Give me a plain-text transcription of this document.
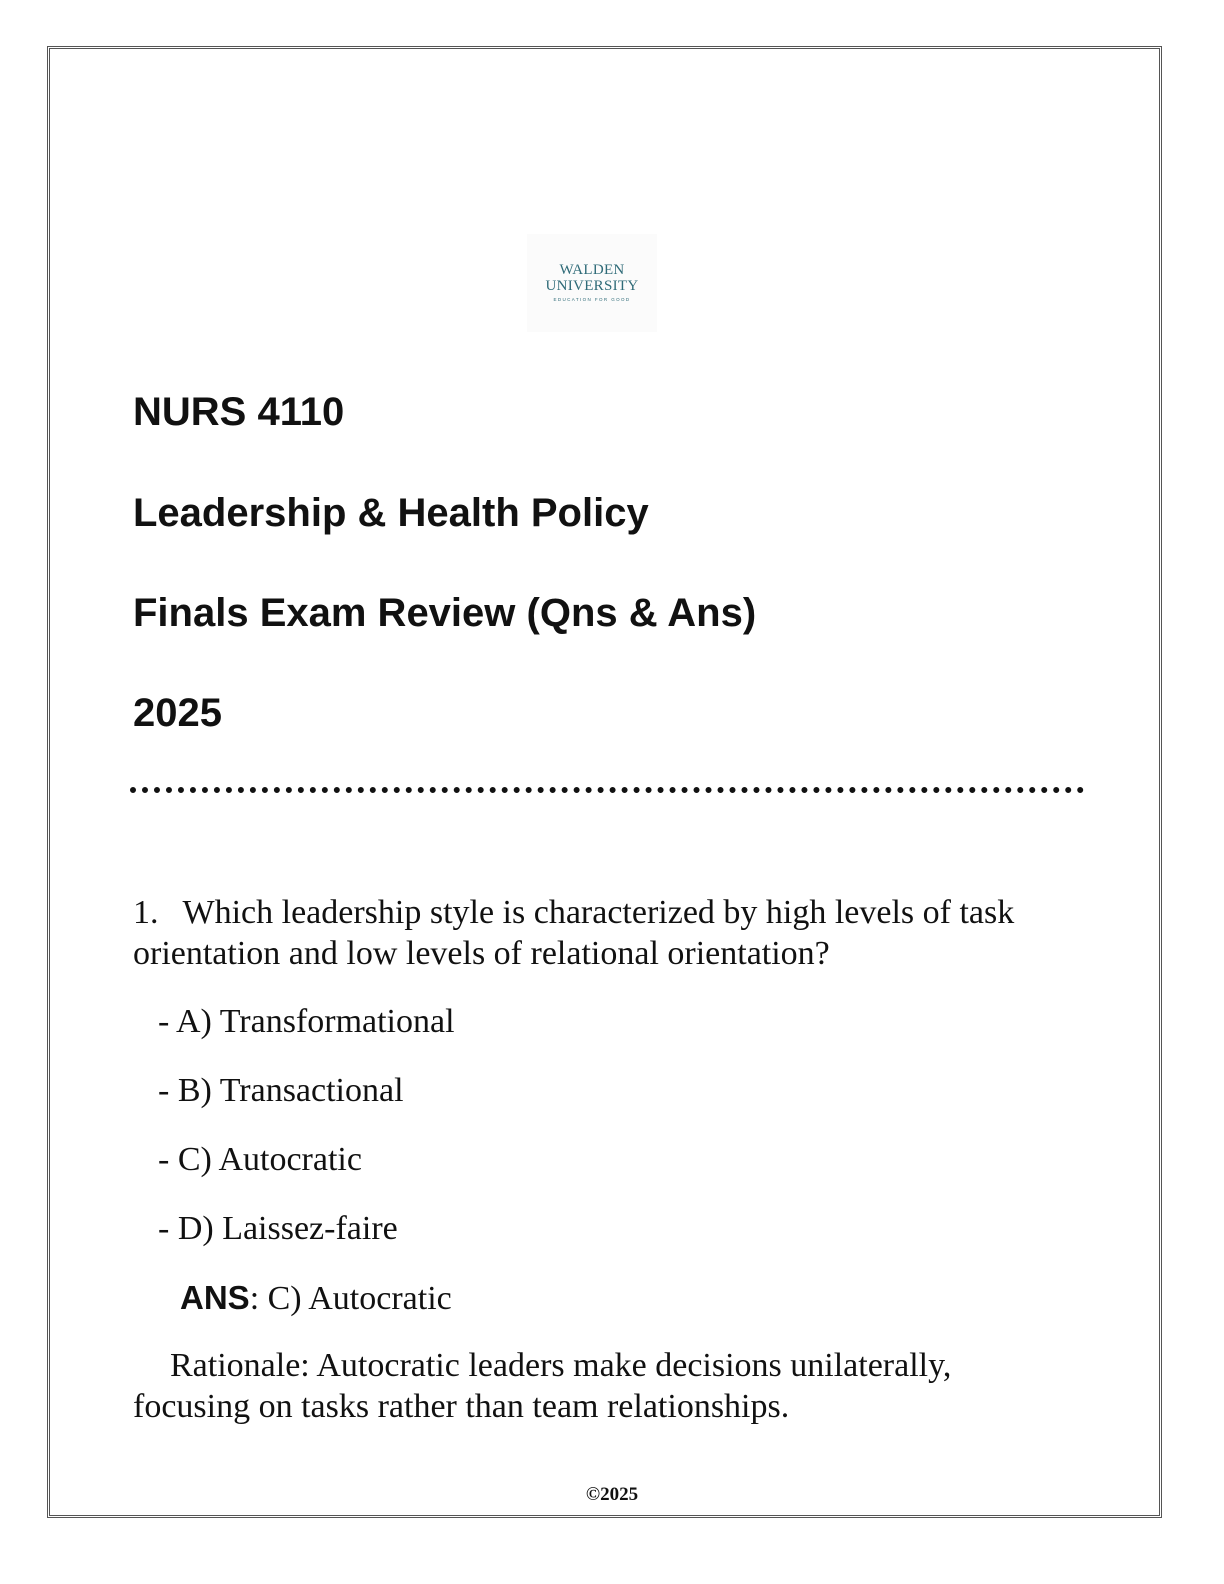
WALDEN
UNIVERSITY
EDUCATION FOR GOOD
NURS 4110
Leadership & Health Policy
Finals Exam Review (Qns & Ans)
2025
1. Which leadership style is characterized by high levels of task
orientation and low levels of relational orientation?
- A) Transformational
- B) Transactional
- C) Autocratic
- D) Laissez-faire
ANS: C) Autocratic
Rationale: Autocratic leaders make decisions unilaterally,
focusing on tasks rather than team relationships.
©2025
